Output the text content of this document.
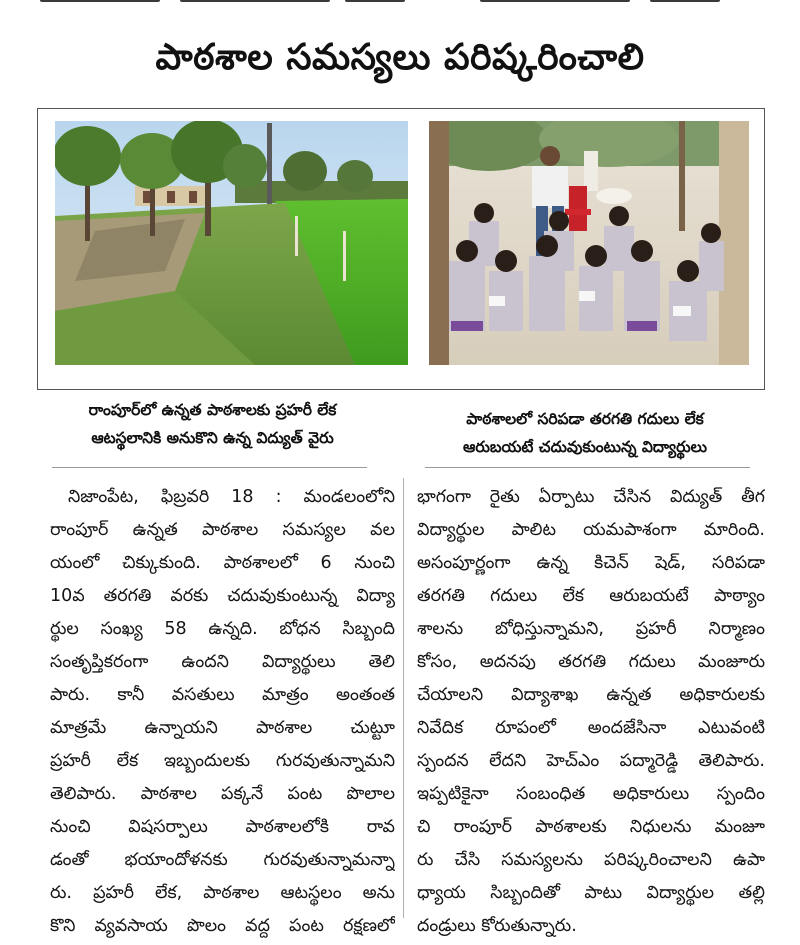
పాఠశాల సమస్యలు పరిష్కరించాలి
రాంపూర్‌లో ఉన్నత పాఠశాలకు ప్రహరీ లేక
ఆటస్థలానికి అనుకొని ఉన్న విద్యుత్ వైరు
పాఠశాలలో సరిపడా తరగతి గదులు లేక
ఆరుబయటే చదువుకుంటున్న విద్యార్థులు
నిజాంపేట, ఫిబ్రవరి 18 : మండలంలోని
రాంపూర్ ఉన్నత పాఠశాల సమస్యల వల
యంలో చిక్కుకుంది. పాఠశాలలో 6 నుంచి
10వ తరగతి వరకు చదువుకుంటున్న విద్యా
ర్థుల సంఖ్య 58 ఉన్నది. బోధన సిబ్బంది
సంతృప్తికరంగా ఉందని విద్యార్థులు తెలి
పారు. కానీ వసతులు మాత్రం అంతంత
మాత్రమే ఉన్నాయని పాఠశాల చుట్టూ
ప్రహరీ లేక ఇబ్బందులకు గురవుతున్నామని
తెలిపారు. పాఠశాల పక్కనే పంట పొలాల
నుంచి విషసర్పాలు పాఠశాలలోకి రావ
డంతో భయాందోళనకు గురవుతున్నామన్నా
రు. ప్రహరీ లేక, పాఠశాల ఆటస్థలం అను
కొని వ్యవసాయ పొలం వద్ద పంట రక్షణలో
భాగంగా రైతు ఏర్పాటు చేసిన విద్యుత్ తీగ
విద్యార్థుల పాలిట యమపాశంగా మారింది.
అసంపూర్ణంగా ఉన్న కిచెన్ షెడ్, సరిపడా
తరగతి గదులు లేక ఆరుబయటే పాఠ్యాం
శాలను బోధిస్తున్నామని, ప్రహరీ నిర్మాణం
కోసం, అదనపు తరగతి గదులు మంజూరు
చేయాలని విద్యాశాఖ ఉన్నత అధికారులకు
నివేదిక రూపంలో అందజేసినా ఎటువంటి
స్పందన లేదని హెచ్ఎం పద్మారెడ్డి తెలిపారు.
ఇప్పటికైనా సంబంధిత అధికారులు స్పందిం
చి రాంపూర్ పాఠశాలకు నిధులను మంజూ
రు చేసి సమస్యలను పరిష్కరించాలని ఉపా
ధ్యాయ సిబ్బందితో పాటు విద్యార్థుల తల్లి
దండ్రులు కోరుతున్నారు.
